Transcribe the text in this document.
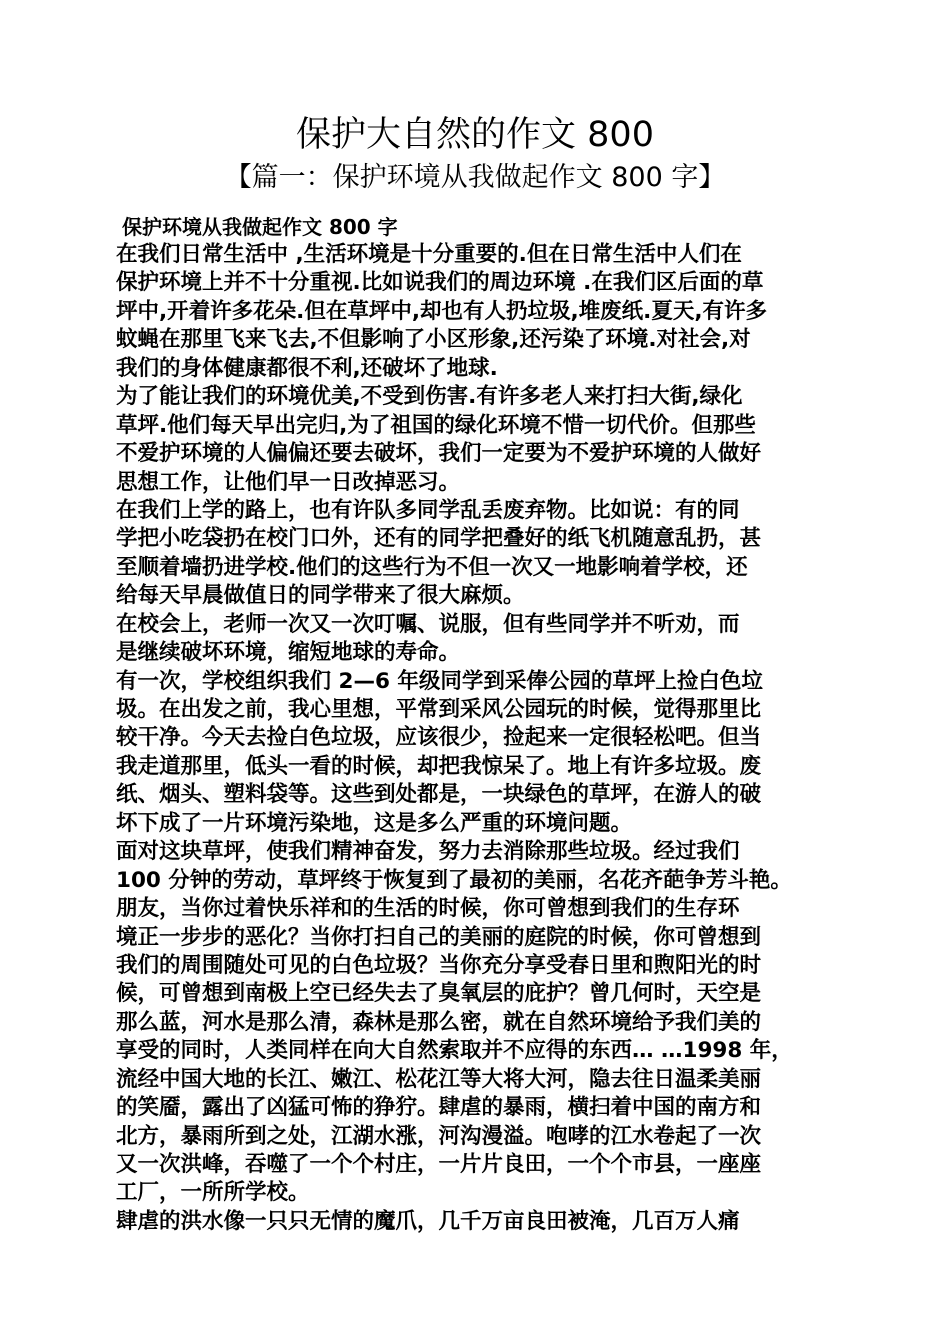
保护大自然的作文 800
【篇一：保护环境从我做起作文 800 字】
保护环境从我做起作文 800 字
在我们日常生活中 ,生活环境是十分重要的.但在日常生活中人们在
保护环境上并不十分重视.比如说我们的周边环境 .在我们区后面的草
坪中,开着许多花朵.但在草坪中,却也有人扔垃圾,堆废纸.夏天,有许多
蚊蝇在那里飞来飞去,不但影响了小区形象,还污染了环境.对社会,对
我们的身体健康都很不利,还破坏了地球.
为了能让我们的环境优美,不受到伤害.有许多老人来打扫大街,绿化
草坪.他们每天早出完归,为了祖国的绿化环境不惜一切代价。但那些
不爱护环境的人偏偏还要去破坏，我们一定要为不爱护环境的人做好
思想工作，让他们早一日改掉恶习。
在我们上学的路上，也有许队多同学乱丢废弃物。比如说：有的同
学把小吃袋扔在校门口外，还有的同学把叠好的纸飞机随意乱扔，甚
至顺着墙扔进学校.他们的这些行为不但一次又一地影响着学校，还
给每天早晨做值日的同学带来了很大麻烦。
在校会上，老师一次又一次叮嘱、说服，但有些同学并不听劝，而
是继续破坏环境，缩短地球的寿命。
有一次，学校组织我们 2—6 年级同学到采俸公园的草坪上捡白色垃
圾。在出发之前，我心里想，平常到采风公园玩的时候，觉得那里比
较干净。今天去捡白色垃圾，应该很少，捡起来一定很轻松吧。但当
我走道那里，低头一看的时候，却把我惊呆了。地上有许多垃圾。废
纸、烟头、塑料袋等。这些到处都是，一块绿色的草坪，在游人的破
坏下成了一片环境污染地，这是多么严重的环境问题。
面对这块草坪，使我们精神奋发，努力去消除那些垃圾。经过我们
100 分钟的劳动，草坪终于恢复到了最初的美丽，名花齐葩争芳斗艳。
朋友，当你过着快乐祥和的生活的时候，你可曾想到我们的生存环
境正一步步的恶化？当你打扫自己的美丽的庭院的时候，你可曾想到
我们的周围随处可见的白色垃圾？当你充分享受春日里和煦阳光的时
候，可曾想到南极上空已经失去了臭氧层的庇护？曾几何时，天空是
那么蓝，河水是那么清，森林是那么密，就在自然环境给予我们美的
享受的同时，人类同样在向大自然索取并不应得的东西… …1998 年，
流经中国大地的长江、嫩江、松花江等大将大河，隐去往日温柔美丽
的笑靥，露出了凶猛可怖的狰狞。肆虐的暴雨，横扫着中国的南方和
北方，暴雨所到之处，江湖水涨，河沟漫溢。咆哮的江水卷起了一次
又一次洪峰，吞噬了一个个村庄，一片片良田，一个个市县，一座座
工厂，一所所学校。
肆虐的洪水像一只只无情的魔爪，几千万亩良田被淹，几百万人痛
